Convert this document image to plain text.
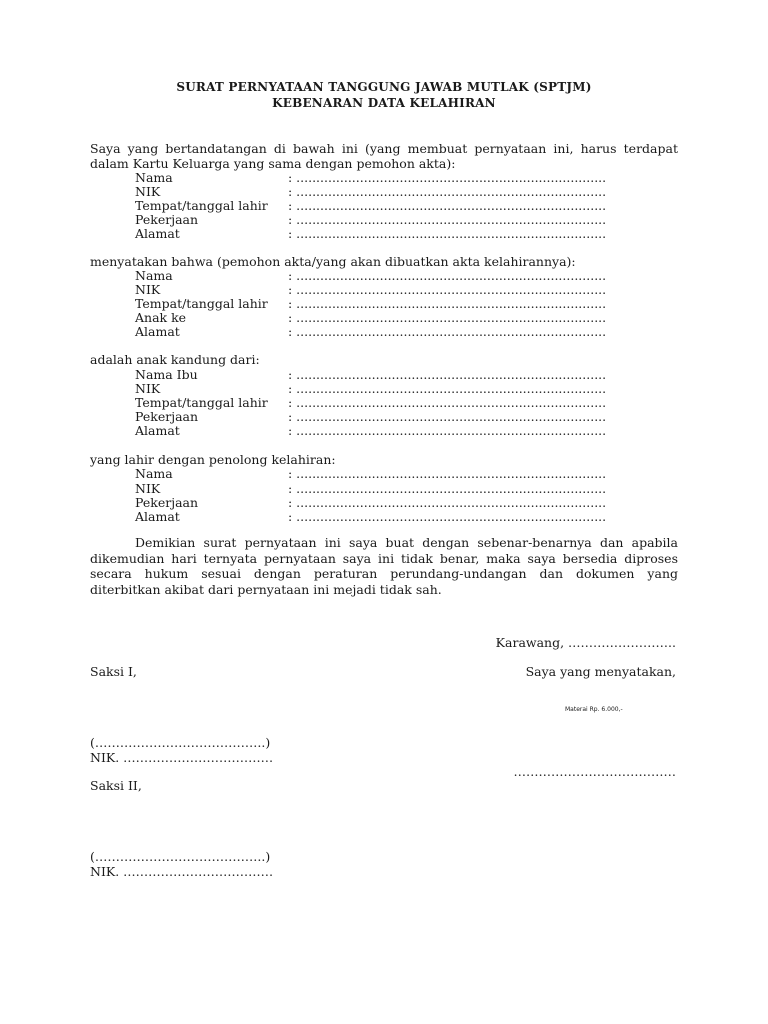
SURAT PERNYATAAN TANGGUNG JAWAB MUTLAK (SPTJM)
KEBENARAN DATA KELAHIRAN

Saya yang bertandatangan di bawah ini (yang membuat pernyataan ini, harus terdapat dalam Kartu Keluarga yang sama dengan pemohon akta):

Nama	: ..............................................................................
NIK	: ..............................................................................
Tempat/tanggal lahir : ..............................................................................
Pekerjaan	: ..............................................................................
Alamat	: ..............................................................................
menyatakan bahwa (pemohon akta/yang akan dibuatkan akta kelahirannya):
Nama	: ..............................................................................
NIK	: ..............................................................................
Tempat/tanggal lahir : ..............................................................................
Anak ke	: ..............................................................................
Alamat	: ..............................................................................
adalah anak kandung dari:
Nama Ibu	: ..............................................................................
NIK	: ..............................................................................
Tempat/tanggal lahir : ..............................................................................
Pekerjaan	: ..............................................................................
Alamat	: ..............................................................................
yang lahir dengan penolong kelahiran:
Nama	: ..............................................................................
NIK	: ..............................................................................
Pekerjaan	: ..............................................................................
Alamat	: ..............................................................................

Demikian surat pernyataan ini saya buat dengan sebenar-benarnya dan apabila dikemudian hari ternyata pernyataan saya ini tidak benar, maka saya bersedia diproses secara hukum sesuai dengan peraturan perundang-undangan dan dokumen yang diterbitkan akibat dari pernyataan ini mejadi tidak sah.

Karawang, ……………………..
Saksi I,	Saya yang menyatakan,
Materai Rp. 6.000,-
(…………………………………..)
NIK. ………………………………
…………………………………
Saksi II,
(…………………………………..)
NIK. ………………………………
